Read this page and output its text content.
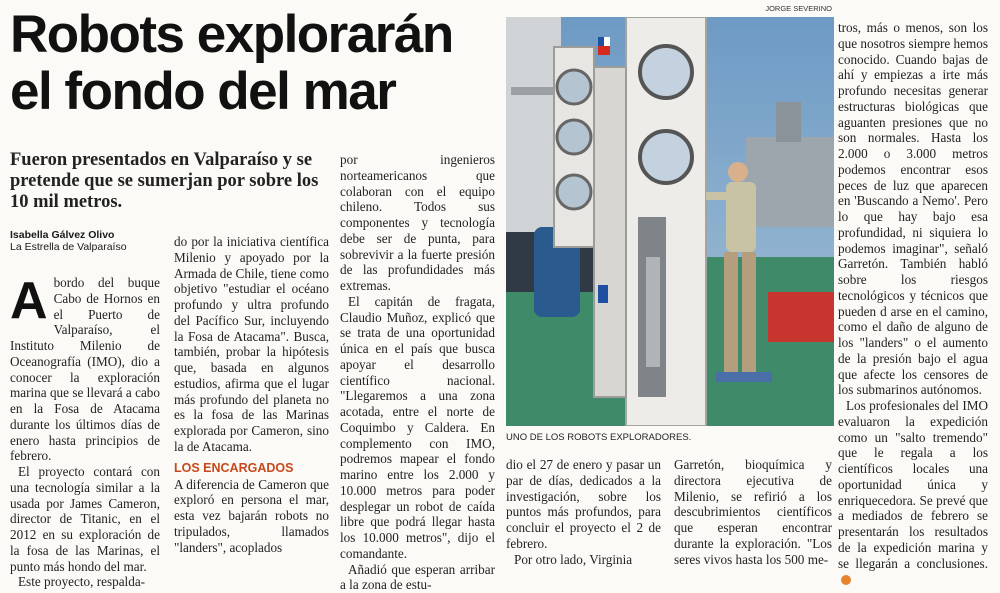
Robots explorarán el fondo del mar
Fueron presentados en Valparaíso y se pretende que se sumerjan por sobre los 10 mil metros.
Isabella Gálvez Olivo
La Estrella de Valparaíso

Abordo del buque Cabo de Hornos en el Puerto de Valparaíso, el Instituto Milenio de Oceanografía (IMO), dio a conocer la exploración marina que se llevará a cabo en la Fosa de Atacama durante los últimos días de enero hasta principios de febrero.

El proyecto contará con una tecnología similar a la usada por James Cameron, director de Titanic, en el 2012 en su exploración de la fosa de las Marinas, el punto más hondo del mar.

Este proyecto, respalda-

do por la iniciativa científica Milenio y apoyado por la Armada de Chile, tiene como objetivo "estudiar el océano profundo y ultra profundo del Pacífico Sur, incluyendo la Fosa de Atacama". Busca, también, probar la hipótesis que, basada en algunos estudios, afirma que el lugar más profundo del planeta no es la fosa de las Marinas explorada por Cameron, sino la de Atacama.

LOS ENCARGADOS

A diferencia de Cameron que exploró en persona el mar, esta vez bajarán robots no tripulados, llamados "landers", acoplados

por ingenieros norteamericanos que colaboran con el equipo chileno. Todos sus componentes y tecnología debe ser de punta, para sobrevivir a la fuerte presión de las profundidades más extremas.

El capitán de fragata, Claudio Muñoz, explicó que se trata de una oportunidad única en el país que busca apoyar el desarrollo científico nacional. "Llegaremos a una zona acotada, entre el norte de Coquimbo y Caldera. En complemento con IMO, podremos mapear el fondo marino entre los 2.000 y 10.000 metros para poder desplegar un robot de caída libre que podrá llegar hasta los 10.000 metros", dijo el comandante.

Añadió que esperan arribar a la zona de estu-

JORGE SEVERINO
UNO DE LOS ROBOTS EXPLORADORES.

dio el 27 de enero y pasar un par de días, dedicados a la investigación, sobre los puntos más profundos, para concluir el proyecto el 2 de febrero.

Por otro lado, Virginia

Garretón, bioquímica y directora ejecutiva de Milenio, se refirió a los descubrimientos científicos que esperan encontrar durante la exploración. "Los seres vivos hasta los 500 me-

tros, más o menos, son los que nosotros siempre hemos conocido. Cuando bajas de ahí y empiezas a irte más profundo necesitas generar estructuras biológicas que aguanten presiones que no son normales. Hasta los 2.000 o 3.000 metros podemos encontrar esos peces de luz que aparecen en 'Buscando a Nemo'. Pero lo que hay bajo esa profundidad, ni siquiera lo podemos imaginar", señaló Garretón. También habló sobre los riesgos tecnológicos y técnicos que pueden d arse en el camino, como el daño de alguno de los "landers" o el aumento de la presión bajo el agua que afecte los censores de los submarinos autónomos.

Los profesionales del IMO evaluaron la expedición como un "salto tremendo" que le regala a los científicos locales una oportunidad única y enriquecedora. Se prevé que a mediados de febrero se presentarán los resultados de la expedición marina y se llegarán a conclusiones.
